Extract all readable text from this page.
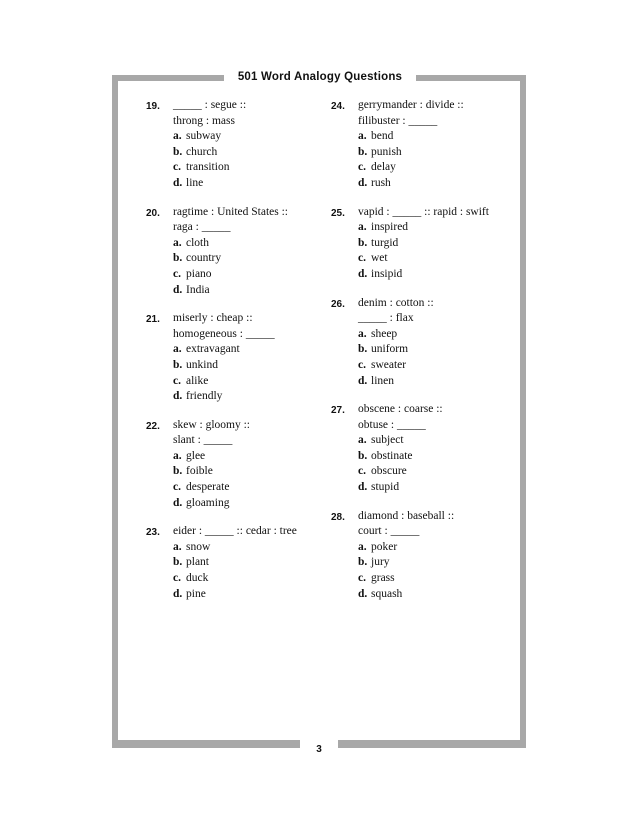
501 Word Analogy Questions
3
19.	_____ : segue ::
throng : mass
a. subway
b. church
c. transition
d. line
20.	ragtime : United States ::
raga : _____
a. cloth
b. country
c. piano
d. India
21.	miserly : cheap ::
homogeneous : _____
a. extravagant
b. unkind
c. alike
d. friendly
22.	skew : gloomy ::
slant : _____
a. glee
b. foible
c. desperate
d. gloaming
23.	eider : _____ :: cedar : tree
a. snow
b. plant
c. duck
d. pine
24.	gerrymander : divide ::
filibuster : _____
a. bend
b. punish
c. delay
d. rush
25.	vapid : _____ :: rapid : swift
a. inspired
b. turgid
c. wet
d. insipid
26.	denim : cotton ::
_____ : flax
a. sheep
b. uniform
c. sweater
d. linen
27.	obscene : coarse ::
obtuse : _____
a. subject
b. obstinate
c. obscure
d. stupid
28.	diamond : baseball ::
court : _____
a. poker
b. jury
c. grass
d. squash
